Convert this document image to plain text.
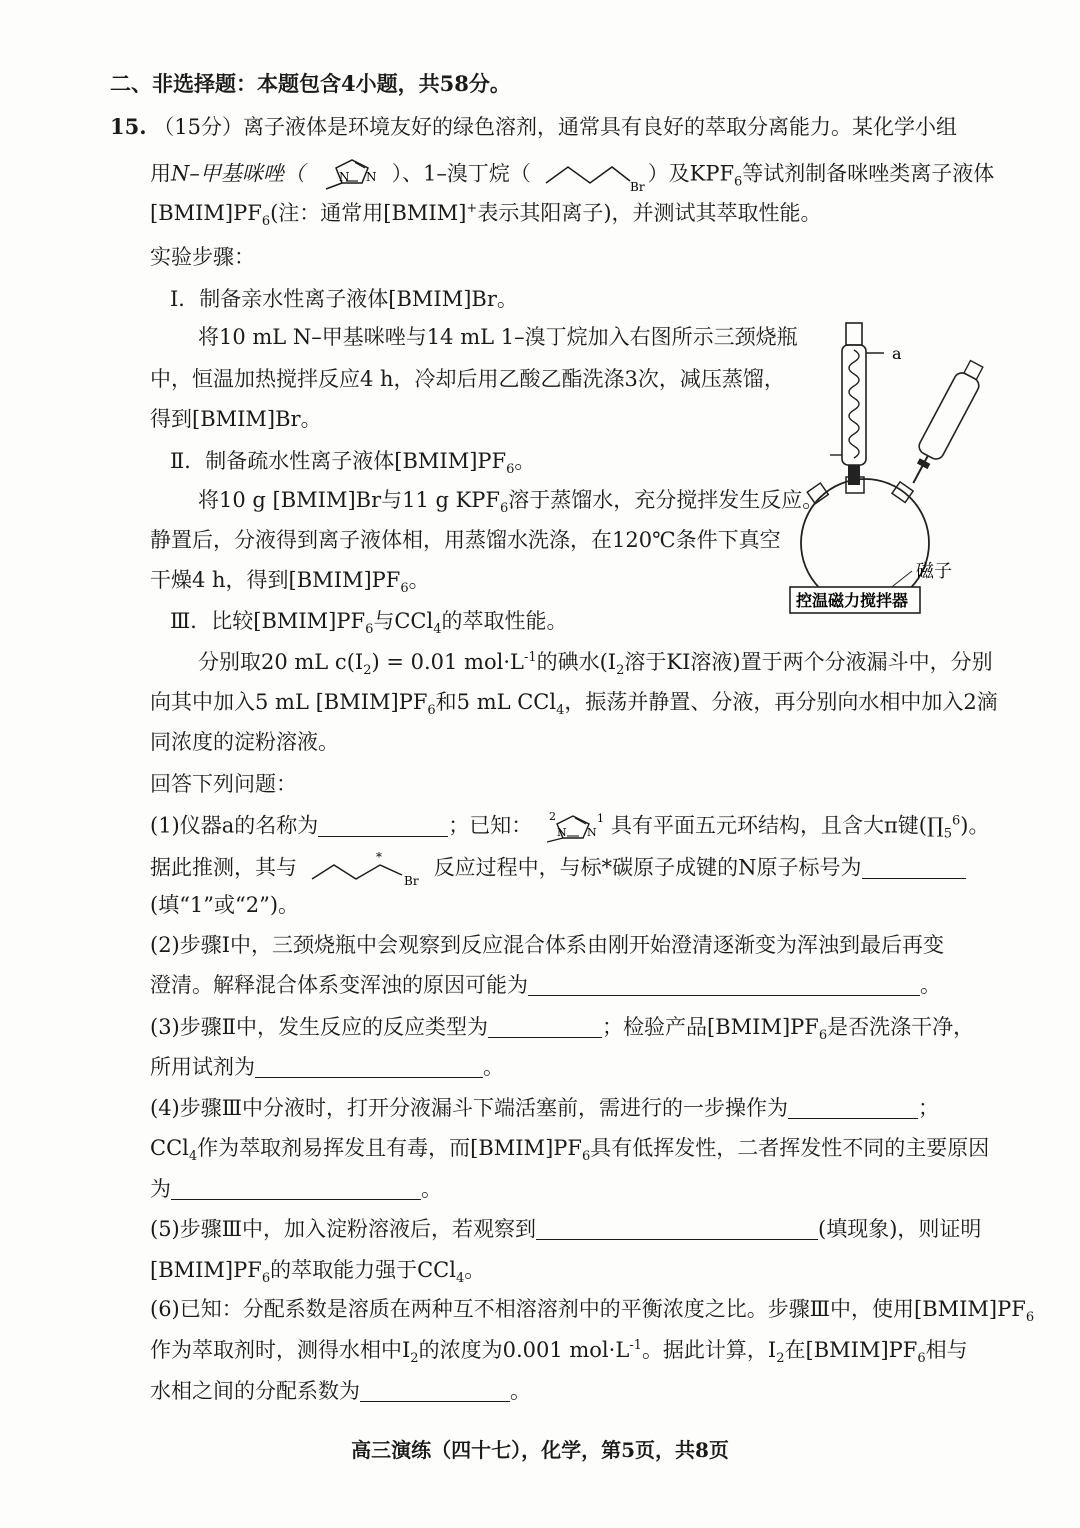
二、非选择题：本题包含4小题，共58分。
15. （15分）离子液体是环境友好的绿色溶剂，通常具有良好的萃取分离能力。某化学小组
用N–甲基咪唑（	N N ）、1–溴丁烷（
Br
）及$KPF_6$等试剂制备咪唑类离子液体
$[BMIM]PF_6$(注：通常用[BMIM]+表示其阳离子)，并测试其萃取性能。
实验步骤：
Ⅰ．制备亲水性离子液体[BMIM]Br。
将10 mL N–甲基咪唑与14 mL 1–溴丁烷加入右图所示三颈烧瓶
中，恒温加热搅拌反应4 h，冷却后用乙酸乙酯洗涤3次，减压蒸馏，
得到[BMIM]Br。
Ⅱ．制备疏水性离子液体$[BMIM]PF_6$。
将10 g [BMIM]Br与11 g $KPF_6$溶于蒸馏水，充分搅拌发生反应。
静置后，分液得到离子液体相，用蒸馏水洗涤，在120℃条件下真空
干燥4 h，得到$[BMIM]PF_6$。
a
磁子
控温磁力搅拌器
Ⅲ．比较$[BMIM]PF_6$与CCl$_4$的萃取性能。
分别取20 mL $c(I_2) = 0.01$ $mol\cdot L^{-1}$的碘水($I_2$溶于KI溶液)置于两个分液漏斗中，分别
向其中加入5 mL $[BMIM]PF_6$和5 mL CCl$_4$，振荡并静置、分液，再分别向水相中加入2滴
同浓度的淀粉溶液。
回答下列问题：
(1)仪器a的名称为	；已知： 2
N N
1 具有平面五元环结构，且含大π键$(\prod_5^6)$。
据此推测，其与	*
Br
反应过程中，与标*碳原子成键的N原子标号为
(填“1”或“2”)。
(2)步骤Ⅰ中，三颈烧瓶中会观察到反应混合体系由刚开始澄清逐渐变为浑浊到最后再变
澄清。解释混合体系变浑浊的原因可能为	。
(3)步骤Ⅱ中，发生反应的反应类型为	；检验产品$[BMIM]PF_6$是否洗涤干净，
所用试剂为	。
(4)步骤Ⅲ中分液时，打开分液漏斗下端活塞前，需进行的一步操作为	；
CCl$_4$作为萃取剂易挥发且有毒，而$[BMIM]PF_6$具有低挥发性，二者挥发性不同的主要原因
为	。
(5)步骤Ⅲ中，加入淀粉溶液后，若观察到	(填现象)，则证明
$[BMIM]PF_6$的萃取能力强于CCl$_4$。
(6)已知：分配系数是溶质在两种互不相溶溶剂中的平衡浓度之比。步骤Ⅲ中，使用$[BMIM]PF_6$
作为萃取剂时，测得水相中$I_2$的浓度为0.001 $mol\cdot L^{-1}$。据此计算，$I_2$在$[BMIM]PF_6$相与
水相之间的分配系数为	。
高三演练（四十七），化学，第5页，共8页
